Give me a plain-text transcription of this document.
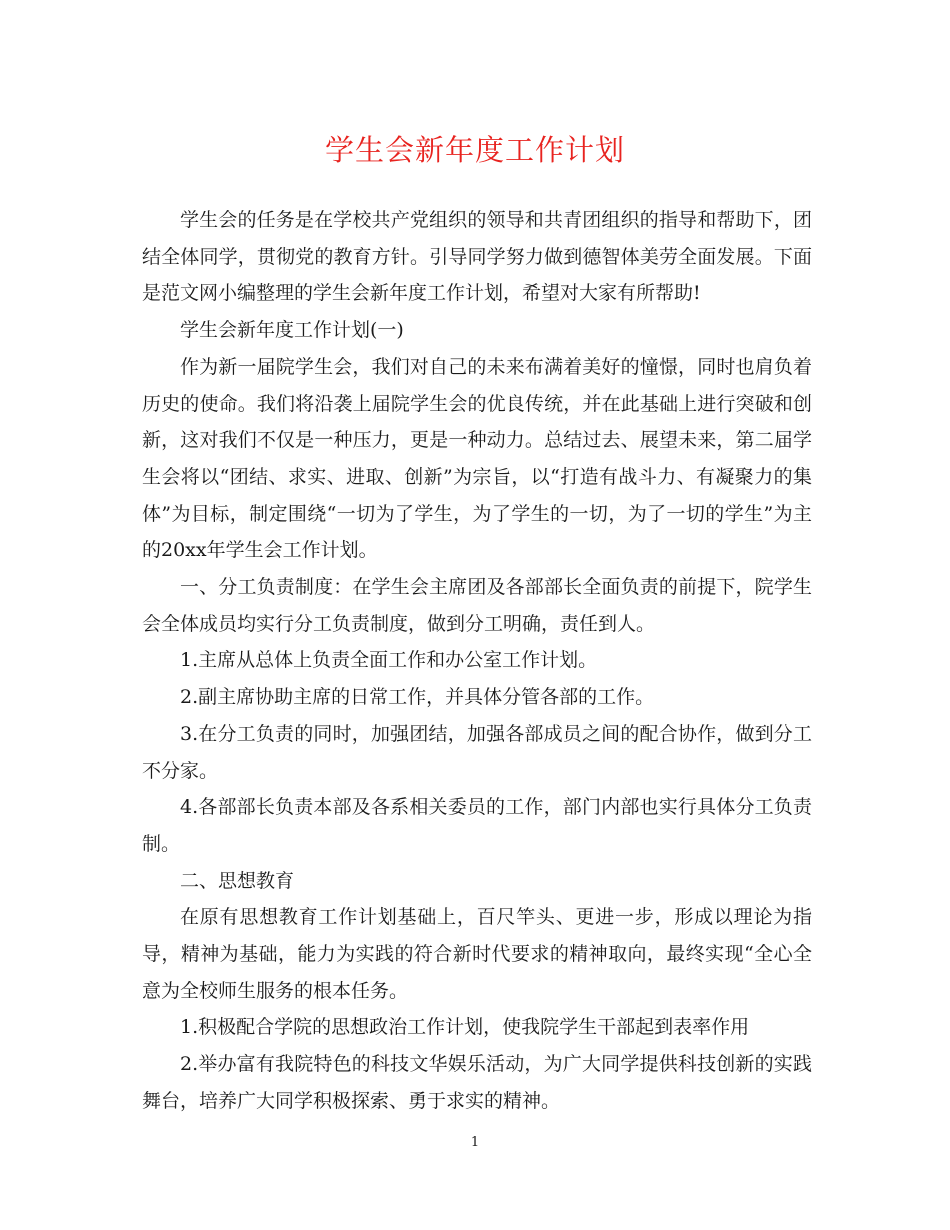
学生会新年度工作计划

学生会的任务是在学校共产党组织的领导和共青团组织的指导和帮助下，团结全体同学，贯彻党的教育方针。引导同学努力做到德智体美劳全面发展。下面是范文网小编整理的学生会新年度工作计划，希望对大家有所帮助!

学生会新年度工作计划(一)

作为新一届院学生会，我们对自己的未来布满着美好的憧憬，同时也肩负着历史的使命。我们将沿袭上届院学生会的优良传统，并在此基础上进行突破和创新，这对我们不仅是一种压力，更是一种动力。总结过去、展望未来，第二届学生会将以“团结、求实、进取、创新”为宗旨，以“打造有战斗力、有凝聚力的集体”为目标，制定围绕“一切为了学生，为了学生的一切，为了一切的学生”为主的20xx年学生会工作计划。

一、分工负责制度：在学生会主席团及各部部长全面负责的前提下，院学生会全体成员均实行分工负责制度，做到分工明确，责任到人。

1.主席从总体上负责全面工作和办公室工作计划。

2.副主席协助主席的日常工作，并具体分管各部的工作。

3.在分工负责的同时，加强团结，加强各部成员之间的配合协作，做到分工不分家。

4.各部部长负责本部及各系相关委员的工作，部门内部也实行具体分工负责制。

二、思想教育

在原有思想教育工作计划基础上，百尺竿头、更进一步，形成以理论为指导，精神为基础，能力为实践的符合新时代要求的精神取向，最终实现“全心全意为全校师生服务的根本任务。

1.积极配合学院的思想政治工作计划，使我院学生干部起到表率作用

2.举办富有我院特色的科技文华娱乐活动，为广大同学提供科技创新的实践舞台，培养广大同学积极探索、勇于求实的精神。

1
